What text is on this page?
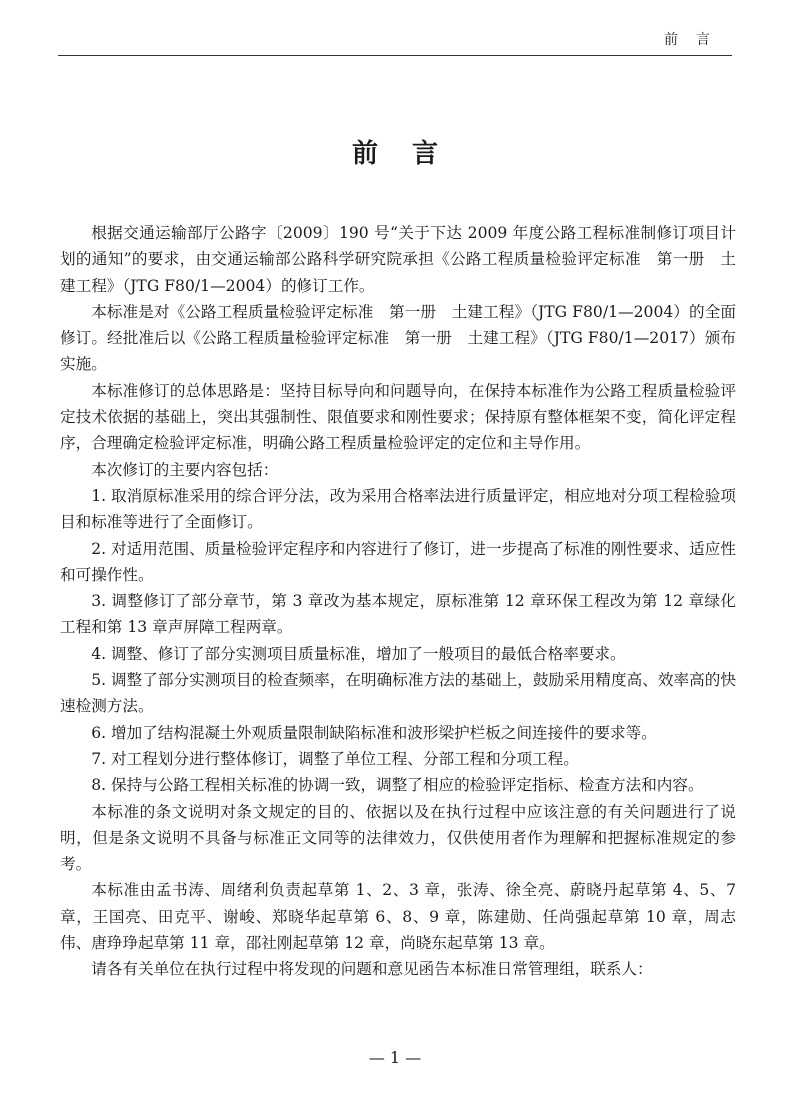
前言
前言

根据交通运输部厅公路字〔2009〕190 号“关于下达 2009 年度公路工程标准制修订项目计划的通知”的要求，由交通运输部公路科学研究院承担《公路工程质量检验评定标准　第一册　土建工程》（JTG F80/1—2004）的修订工作。

本标准是对《公路工程质量检验评定标准　第一册　土建工程》（JTG F80/1—2004）的全面修订。经批准后以《公路工程质量检验评定标准　第一册　土建工程》（JTG F80/1—2017）颁布实施。

本标准修订的总体思路是：坚持目标导向和问题导向，在保持本标准作为公路工程质量检验评定技术依据的基础上，突出其强制性、限值要求和刚性要求；保持原有整体框架不变，简化评定程序，合理确定检验评定标准，明确公路工程质量检验评定的定位和主导作用。

本次修订的主要内容包括：

1. 取消原标准采用的综合评分法，改为采用合格率法进行质量评定，相应地对分项工程检验项目和标准等进行了全面修订。

2. 对适用范围、质量检验评定程序和内容进行了修订，进一步提高了标准的刚性要求、适应性和可操作性。

3. 调整修订了部分章节，第 3 章改为基本规定，原标准第 12 章环保工程改为第 12 章绿化工程和第 13 章声屏障工程两章。

4. 调整、修订了部分实测项目质量标准，增加了一般项目的最低合格率要求。

5. 调整了部分实测项目的检查频率，在明确标准方法的基础上，鼓励采用精度高、效率高的快速检测方法。

6. 增加了结构混凝土外观质量限制缺陷标准和波形梁护栏板之间连接件的要求等。

7. 对工程划分进行整体修订，调整了单位工程、分部工程和分项工程。

8. 保持与公路工程相关标准的协调一致，调整了相应的检验评定指标、检查方法和内容。

本标准的条文说明对条文规定的目的、依据以及在执行过程中应该注意的有关问题进行了说明，但是条文说明不具备与标准正文同等的法律效力，仅供使用者作为理解和把握标准规定的参考。

本标准由孟书涛、周绪利负责起草第 1、2、3 章，张涛、徐全亮、蔚晓丹起草第 4、5、7 章，王国亮、田克平、谢峻、郑晓华起草第 6、8、9 章，陈建勋、任尚强起草第 10 章，周志伟、唐琤琤起草第 11 章，邵社刚起草第 12 章，尚晓东起草第 13 章。

请各有关单位在执行过程中将发现的问题和意见函告本标准日常管理组，联系人：

— 1 —
